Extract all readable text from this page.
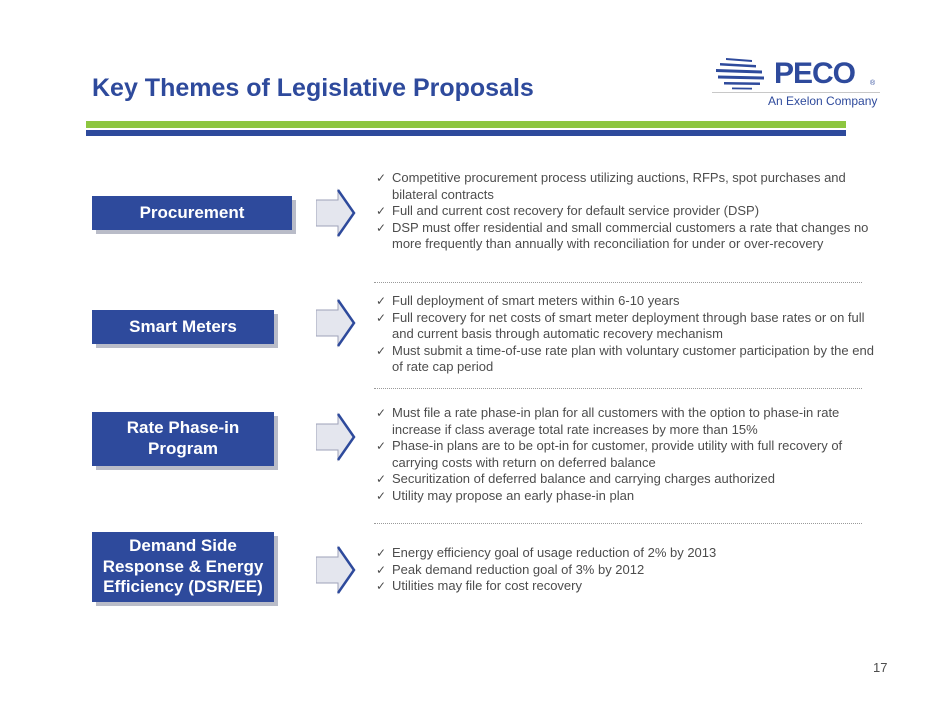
Key Themes of Legislative Proposals	PECO ®
An Exelon Company
Procurement
✓ Competitive procurement process utilizing auctions, RFPs, spot purchases and bilateral contracts
✓ Full and current cost recovery for default service provider (DSP)
✓ DSP must offer residential and small commercial customers a rate that changes no more frequently than annually with reconciliation for under or over-recovery
Smart Meters
✓ Full deployment of smart meters within 6-10 years
✓ Full recovery for net costs of smart meter deployment through base rates or on full and current basis through automatic recovery mechanism
✓ Must submit a time-of-use rate plan with voluntary customer participation by the end of rate cap period
Rate Phase-in
Program
✓ Must file a rate phase-in plan for all customers with the option to phase-in rate increase if class average total rate increases by more than 15%
✓ Phase-in plans are to be opt-in for customer, provide utility with full recovery of carrying costs with return on deferred balance
✓ Securitization of deferred balance and carrying charges authorized
✓ Utility may propose an early phase-in plan
Demand Side
Response & Energy
Efficiency (DSR/EE)
✓ Energy efficiency goal of usage reduction of 2% by 2013
✓ Peak demand reduction goal of 3% by 2012
✓ Utilities may file for cost recovery
17
